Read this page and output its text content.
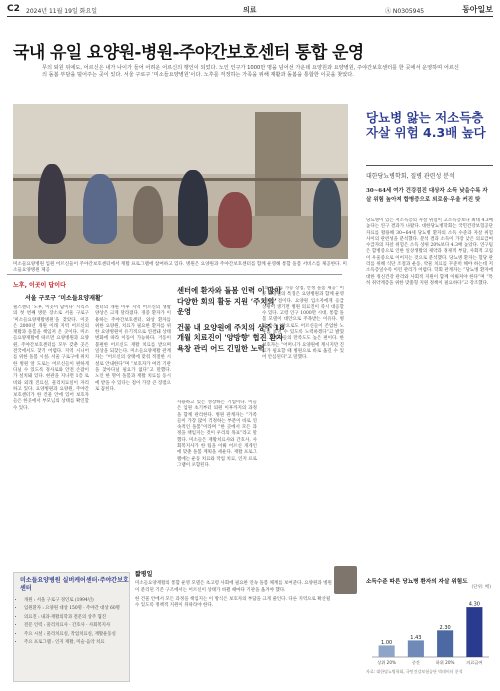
C2 2024년 11월 19일 화요일	의료	Ⓐ N0305945	동아일보
국내 유일 요양원-병원-주야간보호센터 통합 운영
무의 퇴원 뒤에도, 어르신은 내가 나이가 들어 어려운 어르신의 행인이 되었다. 노인 인구가 1000만 명을 넘어선 가운데 요양원과 요양병원, 주야간보호센터를 한 곳에서 운영하며 어르신의 돌봄 부담을 덜어주는 곳이 있다. 서울 구로구 ‘미소들요양병원’이다. 노후를 걱정하는 가족을 위해 재활과 돌봄을 통합한 이곳을 찾았다.
미소들요양병원 입원 어르신들이 주야간보호센터에서 재활 프로그램에 참여하고 있다. 병원은 요양원과 주야간보호센터를 함께 운영해 통합 돌봄 서비스를 제공한다. 미소들요양병원 제공
노후, 이곳이 답이다
서울 구로구 ‘미소들요양재활’
필스센터 ‘노후, 이곳이 답이다’ 시리즈의 첫 번째 방문 장소로 서울 구로구 ‘미소들요양재활병원’을 찾았다. 이곳은 2000년 개원 이래 지역 어르신의 재활과 돌봄을 책임져 온 곳이다. 미소들요양재활에 따르면 요양병원과 요양원, 주야간보호센터를 모두 갖춘 곳은 전국에서도 찾기 어렵다. 지역 시니어를 위한 돌봄 시설: 서울 구로구에 위치한 병원 앞 도로는 어르신들이 편하게 다닐 수 있도록 경사로와 안전 손잡이가 설치돼 있다. 현관을 지나면 1층 로비와 외래 진료실, 물리치료실이 자리하고 있다. 요양병원과 요양원, 주야간보호센터가 한 건물 안에 있어 보호자들은 한곳에서 부모님의 상태를 확인할 수 있다.
센터의 개원 이후 지역 어르신의 생활 양상은 크게 달라졌다. 경증 환자가 이용하는 주야간보호센터, 와상 환자를 위한 요양원, 치료가 필요한 환자를 위한 요양병원이 유기적으로 연결돼 상태 변화에 따라 이동이 가능하다. 거동이 불편한 어르신도 재활 치료를 받으며 일상을 되찾는다. 미소들요양재활 관계자는 “어르신의 상태에 맞춰 적절한 시설로 안내한다”며 “보호자가 여러 기관을 찾아다닐 필요가 없다”고 말했다. 노인 한 명이 돌봄과 재활 치료를 동시에 받을 수 있다는 점이 가장 큰 장점으로 꼽힌다.
센터에 환자와 돌봄 인력 이 많아 다양한 회의 활동 지원 ‘주치의’ 운영
건물 내 요양원에 주치의 상주 18개월 치료진이 '양방향' 협진 환자 욕창 관리 어드 긴밀한 노력
사용하고 있는 성장하는 기업이다. 이들은 입원 초기부터 퇴원 이후까지의 과정을 함께 관리한다. 병원 관계자는 “가족들이 가장 많이 걱정하는 부분이 바로 연속적인 돌봄”이라며 “한 곳에서 모든 과정을 책임지는 것이 우리의 목표”라고 말했다. 미소들은 재활치료사와 간호사, 사회복지사가 한 팀을 이뤄 어르신 개개인에 맞춘 돌봄 계획을 세운다. 재활 프로그램에는 운동 치료와 작업 치료, 인지 프로그램이 포함된다.
“의사 진료 가능 장점, 안정 돌봄 제공” 이곳 요양원의 특징은 요양병원과 함께 운영된다는 점이다. 요양원 입소자에게 응급 상황이 생기면 병원 의료진이 즉시 대응할 수 있다. 고령 인구 1000만 시대, 통합 돌봄 모델이 대안으로 주목받는 이유다. 병원 측은 “앞으로도 어르신들이 존엄한 노후를 보낼 수 있도록 노력하겠다”고 밝혔다. 보호자들의 만족도도 높은 편이다. 한 보호자는 “어머니가 요양원에 계시지만 진료가 필요할 때 병원으로 바로 옮길 수 있어 안심된다”고 말했다.
당뇨병 앓는 저소득층 자살 위험 4.3배 높다
대한당뇨병학회, 질병 관련성 분석
30~64세 여가 건강검진 대상자 소득 낮을수록 자살 위험 높아져 합병증으로 외로움·우울 커진 탓
당뇨병이 있는 저소득층의 자살 위험이 고소득층보다 최대 4.3배 높다는 연구 결과가 나왔다. 대한당뇨병학회는 국민건강보험공단 자료를 활용해 30~64세 당뇨병 환자의 소득 수준과 자살 위험 사이의 관련성을 분석했다. 분석 결과 소득이 가장 낮은 의료급여 수급자의 자살 위험은 소득 상위 20%보다 4.3배 높았다. 연구팀은 합병증으로 인한 일상생활의 제약과 경제적 부담, 사회적 고립이 우울증으로 이어지는 것으로 분석했다. 당뇨병 환자는 혈당 관리를 위해 식단 조절과 운동, 약물 치료를 꾸준히 해야 하는데 저소득층일수록 이런 관리가 어렵다. 학회 관계자는 “당뇨병 환자에 대한 정신건강 관리와 사회적 지원이 함께 이뤄져야 한다”며 “특히 취약계층을 위한 맞춤형 지원 정책이 필요하다”고 강조했다.
미소들요양병원 실버케어센터·주야간보호센터
• 개원 : 서울 구로구 경인로 (1994년)
• 입원환자 : 요양원 대상 150명 · 주야간 대상 60명
• 의료진 : 내과·재활의학과 전문의 상주 협진
• 전문 인력 : 물리치료사 · 간호사 · 사회복지사
• 주요 시설 : 물리치료실, 작업치료실, 재활운동실
• 주요 프로그램 : 인지 재활, 미술·음악 치료
짧평일

미소들요양재활의 통합 운영 모델은 초고령 사회에 필요한 연속 돌봄 체계를 보여준다. 요양원과 병원이 분리된 기존 구조에서는 어르신이 상태가 바뀔 때마다 기관을 옮겨야 했다.

한 건물 안에서 모든 과정을 책임지는 이 방식은 보호자의 부담을 크게 줄인다. 다른 지역으로 확산될 수 있도록 정책적 지원이 뒤따라야 한다.

소득수준 따른 당뇨병 환자의 자살 위험도
(단위: 배)
1.00
상위 20%
1.43
중간
2.30
하위 20%
4.30
의료급여
자료: 대한당뇨병학회, 국민건강보험공단 빅데이터 분석
